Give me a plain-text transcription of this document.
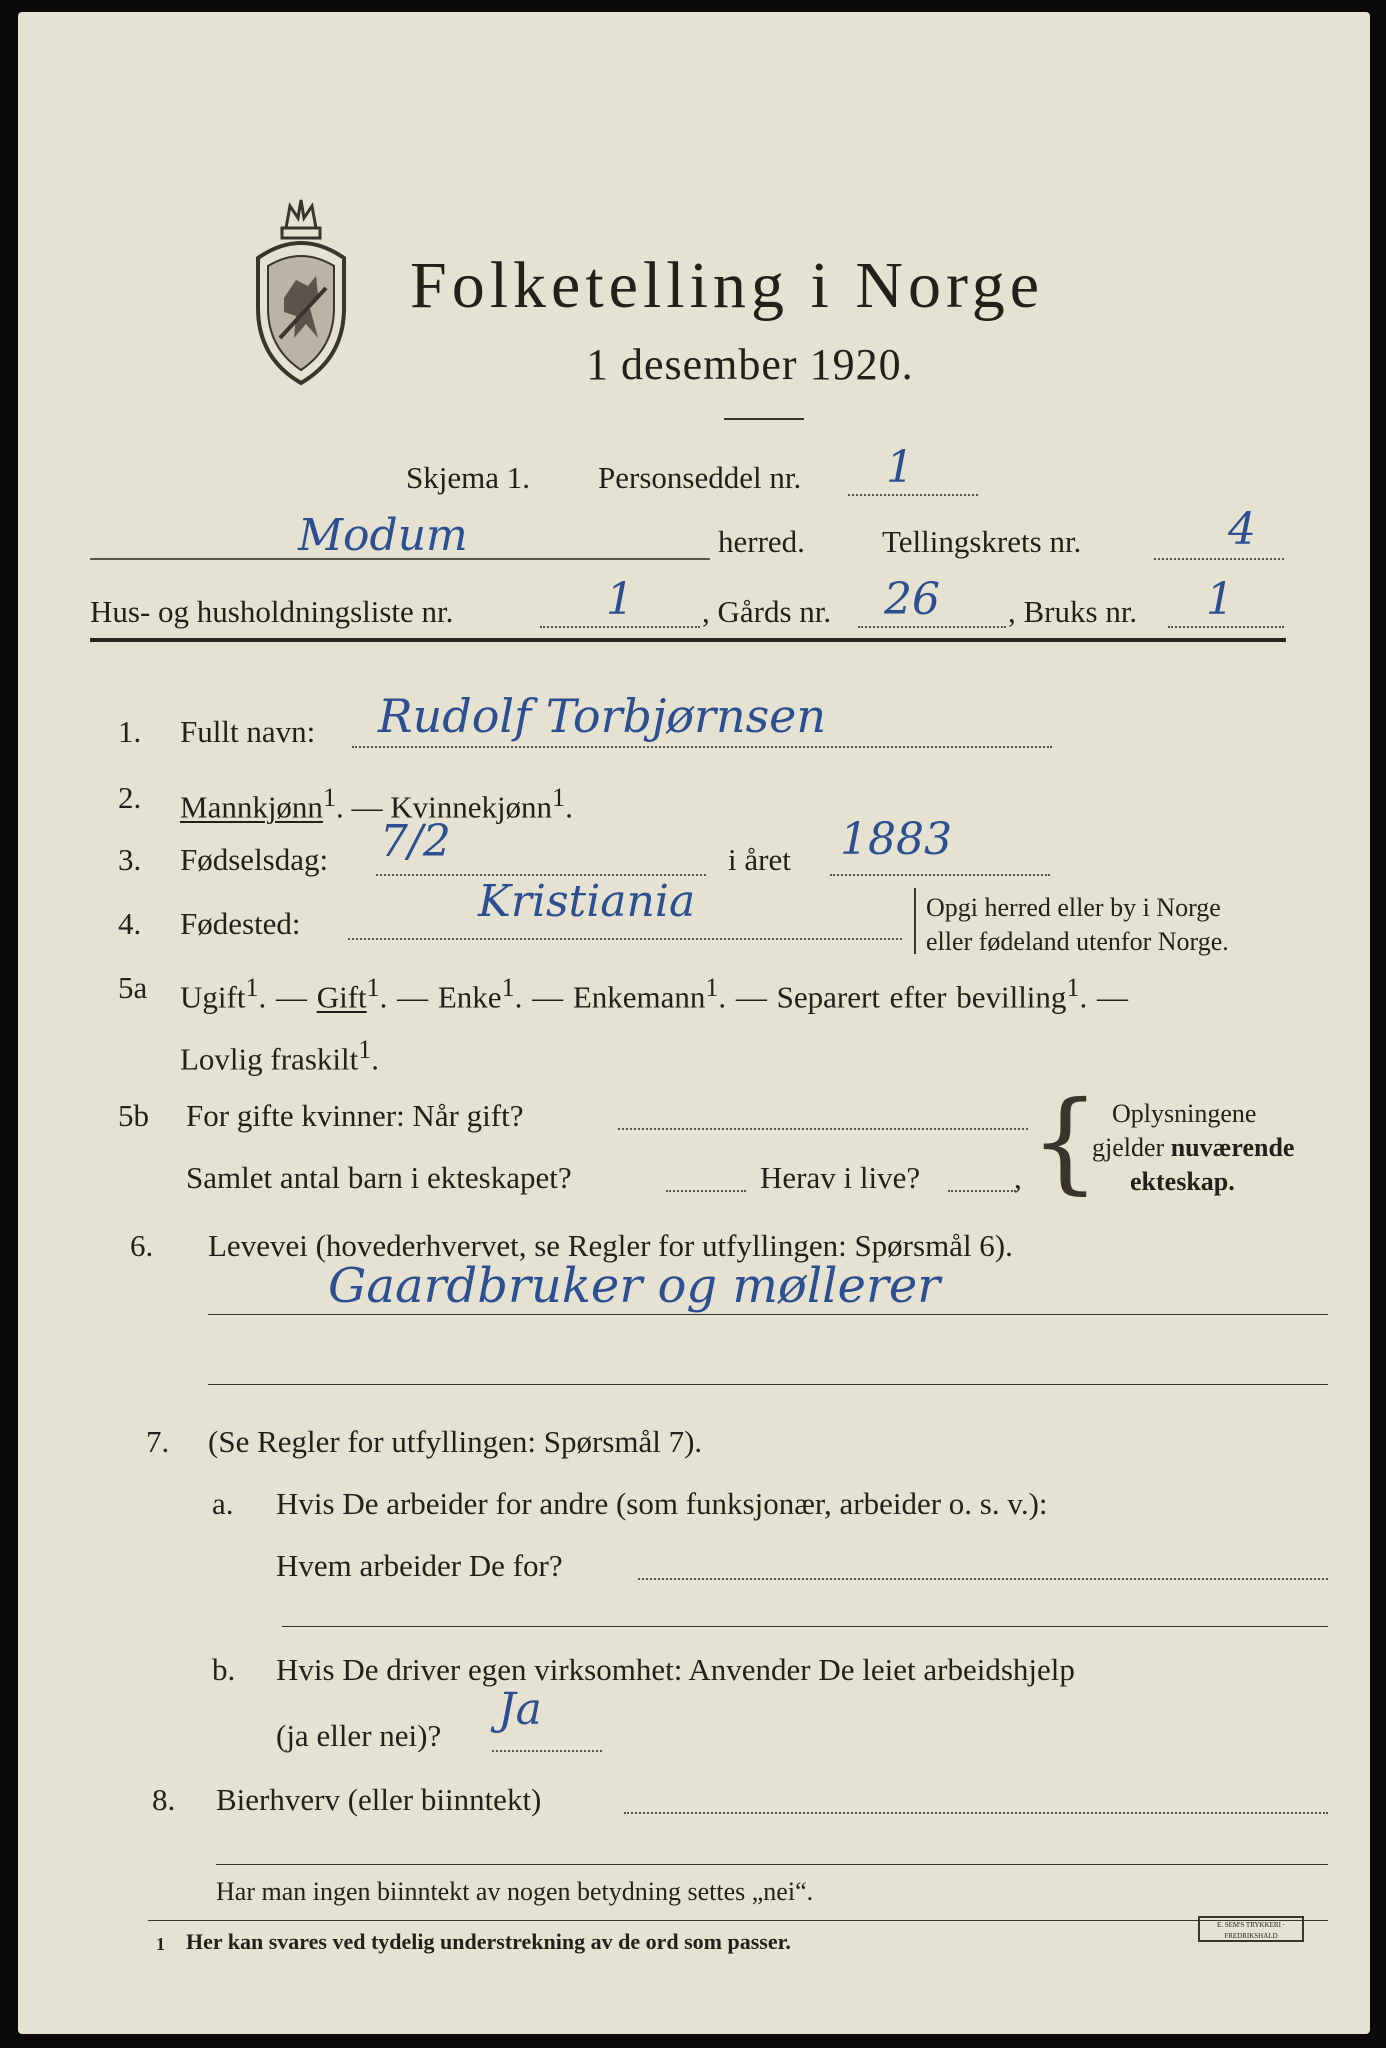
Folketelling i Norge
1 desember 1920.
Skjema 1. Personseddel nr. 1
Modum	herred. Tellingskrets nr.	4
Hus- og husholdningsliste nr.	1 , Gårds nr. 26 , Bruks nr. 1
1. Fullt navn: Rudolf Torbjørnsen
2. Mannkjønn$^1$. — Kvinnekjønn$^1$.
3. Fødselsdag: 7/2	i året 1883
4. Fødested:	Kristiania	Opgi herred eller by i Norge
eller fødeland utenfor Norge.
5a Ugift$^1$. — Gift$^1$. — Enke$^1$. — Enkemann$^1$. — Separert efter bevilling$^1$. —
Lovlig fraskilt$^1$.
5b For gifte kvinner: Når gift?
Samlet antal barn i ekteskapet?	Herav i live?	, { Oplysningene
gjelder nuværende
ekteskap.
6. Levevei (hovederhvervet, se Regler for utfyllingen: Spørsmål 6).
Gaardbruker og møllerer
7. (Se Regler for utfyllingen: Spørsmål 7).
a. Hvis De arbeider for andre (som funksjonær, arbeider o. s. v.):
Hvem arbeider De for?
b. Hvis De driver egen virksomhet: Anvender De leiet arbeidshjelp
(ja eller nei)?
Ja
8. Bierhverv (eller biinntekt)
Har man ingen biinntekt av nogen betydning settes „nei“.
1 Her kan svares ved tydelig understrekning av de ord som passer.
E. SEM'S TRYKKERI · FREDRIKSHALD
